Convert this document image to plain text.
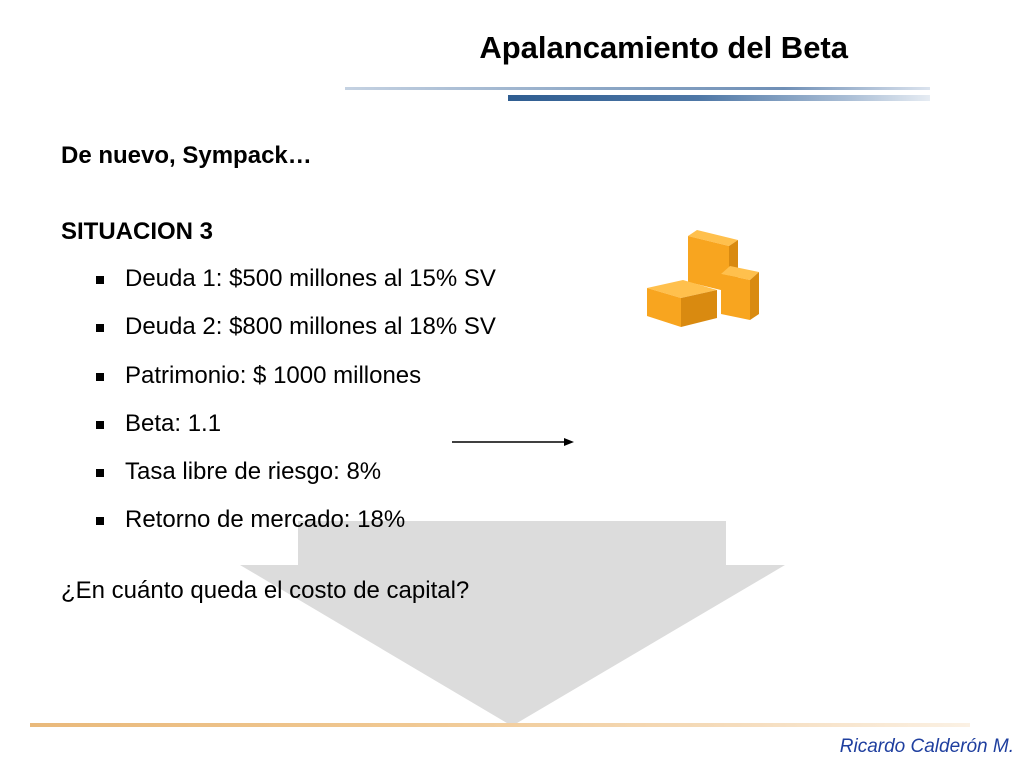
Apalancamiento del Beta
De nuevo, Sympack…
SITUACION 3
Deuda 1: $500 millones al 15% SV
Deuda 2: $800 millones al 18% SV
Patrimonio: $ 1000 millones
Beta: 1.1
Tasa libre de riesgo: 8%
Retorno de mercado: 18%
¿En cuánto queda el costo de capital?
Ricardo Calderón M.
